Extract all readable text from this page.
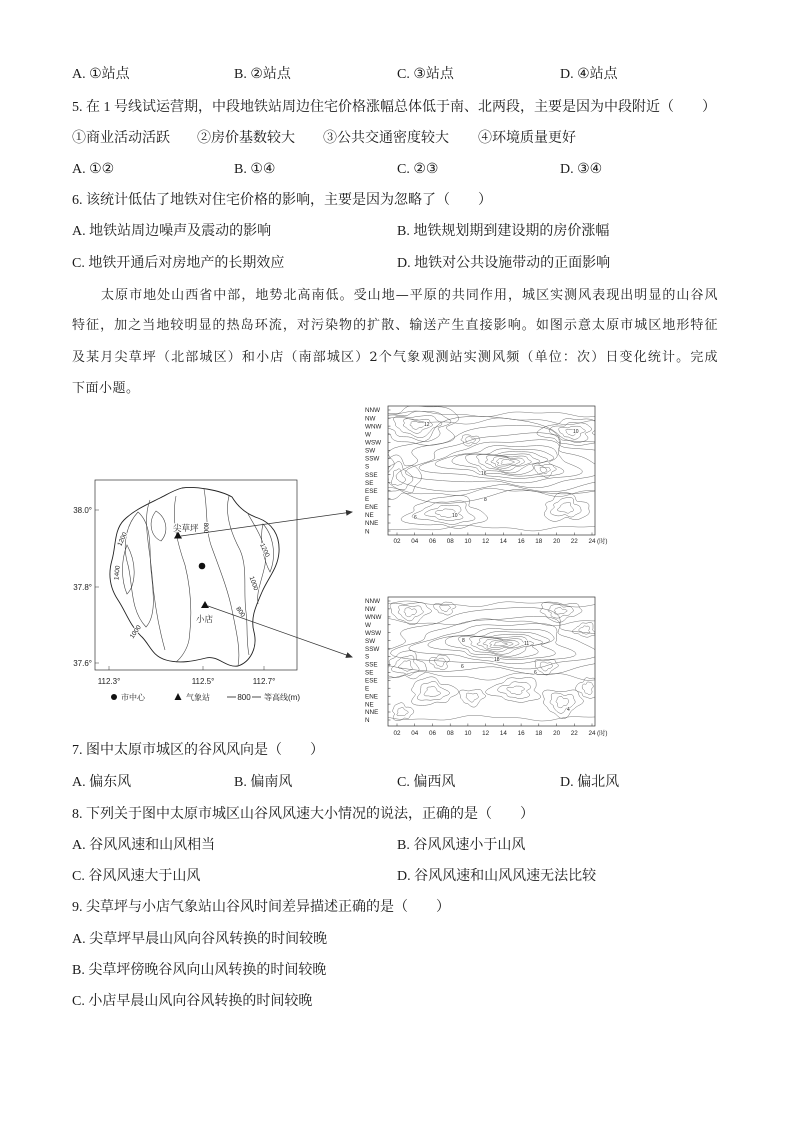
A. ①站点	B. ②站点	C. ③站点	D. ④站点
5. 在 1 号线试运营期，中段地铁站周边住宅价格涨幅总体低于南、北两段，主要是因为中段附近（　　）
①商业活动活跃 ②房价基数较大 ③公共交通密度较大 ④环境质量更好
A. ①②	B. ①④	C. ②③	D. ③④
6. 该统计低估了地铁对住宅价格的影响，主要是因为忽略了（　　）
A. 地铁站周边噪声及震动的影响	B. 地铁规划期到建设期的房价涨幅
C. 地铁开通后对房地产的长期效应	D. 地铁对公共设施带动的正面影响
太原市地处山西省中部，地势北高南低。受山地—平原的共同作用，城区实测风表现出明显的山谷风
特征，加之当地较明显的热岛环流，对污染物的扩散、输送产生直接影响。如图示意太原市城区地形特征
及某月尖草坪（北部城区）和小店（南部城区）2个气象观测站实测风频（单位：次）日变化统计。完成
下面小题。
38.0°
37.8°
37.6°
112.3°	112.5°	112.7°
1200
1400
1000
800
1200
1000
800
尖草坪
小店
市中心	气象站	800 等高线(m)
12
10
10
16
8
6
NNW
NW
WNW
W
WSW
SW
SSW
S
SSE
SE
ESE
E
ENE
NE
NNE
N
02 04 06 08 10 12 14 16 18 20 22 24 (时)
8
18
11
6
6
4
NNW
NW
WNW
W
WSW
SW
SSW
S
SSE
SE
ESE
E
ENE
NE
NNE
N
02 04 06 08 10 12 14 16 18 20 22 24 (时)
7. 图中太原市城区的谷风风向是（　　）
A. 偏东风	B. 偏南风	C. 偏西风	D. 偏北风
8. 下列关于图中太原市城区山谷风风速大小情况的说法，正确的是（　　）
A. 谷风风速和山风相当	B. 谷风风速小于山风
C. 谷风风速大于山风	D. 谷风风速和山风风速无法比较
9. 尖草坪与小店气象站山谷风时间差异描述正确的是（　　）
A. 尖草坪早晨山风向谷风转换的时间较晚
B. 尖草坪傍晚谷风向山风转换的时间较晚
C. 小店早晨山风向谷风转换的时间较晚
